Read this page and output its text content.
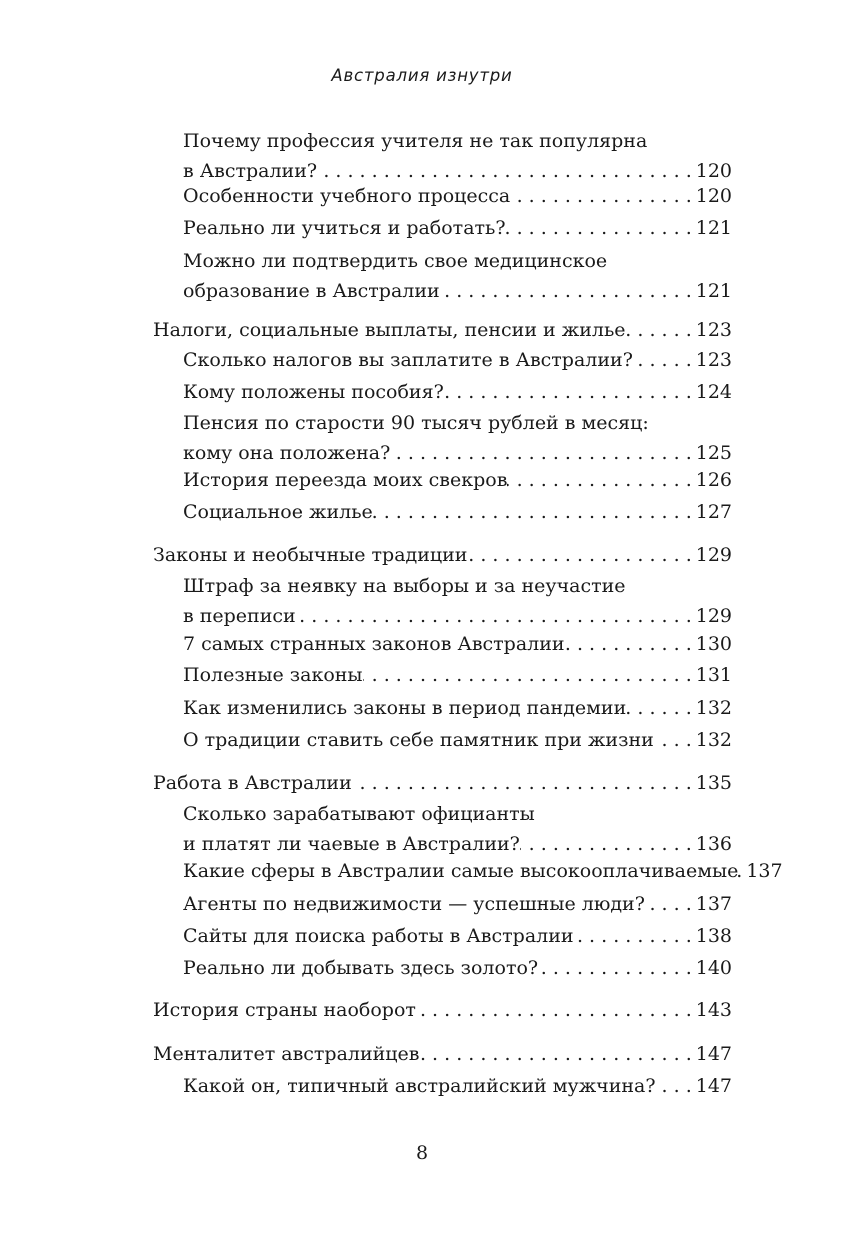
Австралия изнутри
Почему профессия учителя не так популярна
в Австралии? . . .	120
Особенности учебного процесса . . .	120
Реально ли учиться и работать? . . .	121
Можно ли подтвердить свое медицинское
образование в Австралии . . .	121
Налоги, социальные выплаты, пенсии и жилье . . .	123
Сколько налогов вы заплатите в Австралии? . . .	123
Кому положены пособия? . . .	124
Пенсия по старости 90 тысяч рублей в месяц:
кому она положена? . . .	125
История переезда моих свекров . . .	126
Социальное жилье . . .	127
Законы и необычные традиции . . .	129
Штраф за неявку на выборы и за неучастие
в переписи . . .	129
7 самых странных законов Австралии . . .	130
Полезные законы . . .	131
Как изменились законы в период пандемии . . .	132
О традиции ставить себе памятник при жизни . . . 132
Работа в Австралии . . .	135
Сколько зарабатывают официанты
и платят ли чаевые в Австралии? . . .	136
Какие сферы в Австралии самые высокооплачиваемые . . . 137
Агенты по недвижимости — успешные люди? . . .	137
Сайты для поиска работы в Австралии . . .	138
Реально ли добывать здесь золото? . . .	140
История страны наоборот . . .	143
Менталитет австралийцев . . .	147
Какой он, типичный австралийский мужчина? . . . 147
8
